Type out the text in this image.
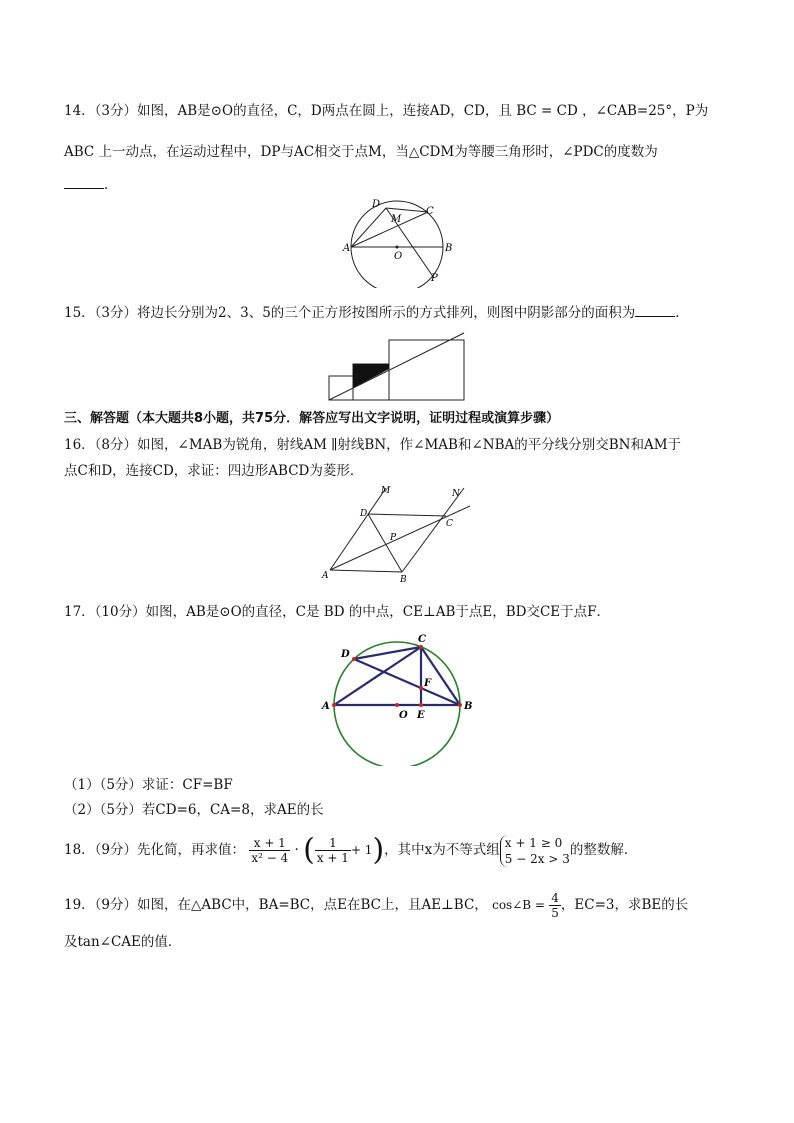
14．（3分）如图，AB是⊙O的直径，C，D两点在圆上，连接AD，CD，且 BC = CD ，∠CAB=25°，P为
ABC 上一动点，在运动过程中，DP与AC相交于点M，当△CDM为等腰三角形时，∠PDC的度数为
．
A	B
C
D
M
O
P
15．（3分）将边长分别为2、3、5的三个正方形按图所示的方式排列，则图中阴影部分的面积为	．
三、解答题（本大题共8小题，共75分．解答应写出文字说明，证明过程或演算步骤）
16．（8分）如图，∠MAB为锐角，射线AM ∥射线BN，作∠MAB和∠NBA的平分线分别交BN和AM于
点C和D，连接CD，求证：四边形ABCD为菱形．
A	B
C
D
M	N
P
17．（10分）如图，AB是⊙O的直径，C是 BD 的中点，CE⊥AB于点E，BD交CE于点F．
A	B
C
D
E
F
O
（1）（5分）求证：CF=BF
（2）（5分）若CD=6，CA=8，求AE的长
18．（9分）先化简，再求值： $\frac{x + 1}{\text{x² − 4}}$ · ( $\frac{1}{x + 1} + 1$)，其中x为不等式组 x + 1 ≥ 0
5 − 2x > 3
的整数解．
19．（9分）如图，在△ABC中，BA=BC，点E在BC上，且AE⊥BC， cos∠B = $\frac{4}{5}$ ，EC=3，求BE的长
及tan∠CAE的值．
